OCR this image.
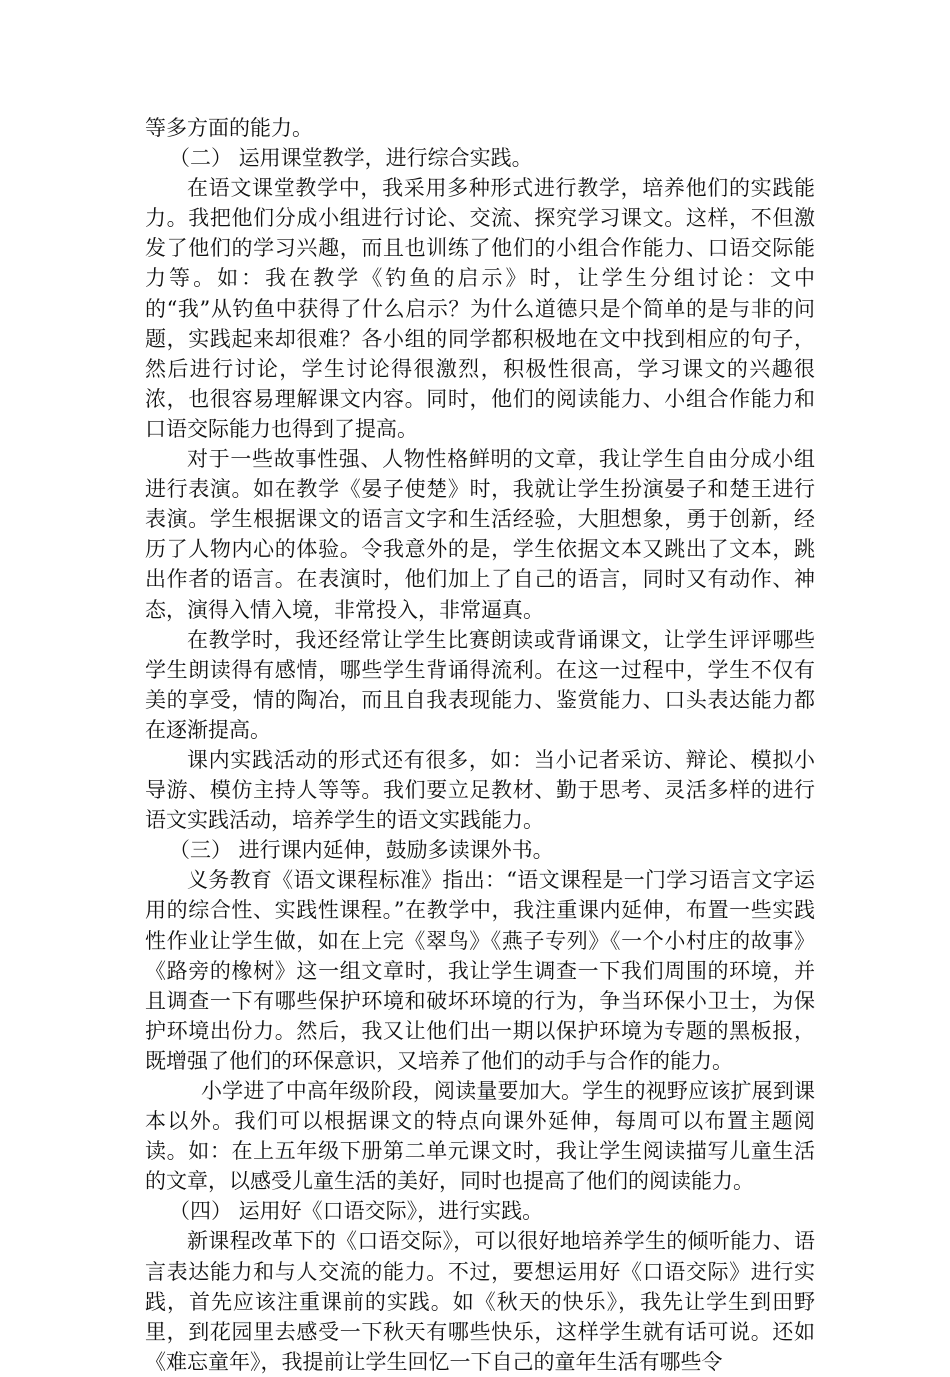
等多方面的能力。

（二） 运用课堂教学，进行综合实践。

在语文课堂教学中，我采用多种形式进行教学，培养他们的实践能力。我把他们分成小组进行讨论、交流、探究学习课文。这样，不但激发了他们的学习兴趣，而且也训练了他们的小组合作能力、口语交际能力等。如：我在教学《钓鱼的启示》时，让学生分组讨论：文中的“我”从钓鱼中获得了什么启示？为什么道德只是个简单的是与非的问题，实践起来却很难？各小组的同学都积极地在文中找到相应的句子，然后进行讨论，学生讨论得很激烈，积极性很高，学习课文的兴趣很浓，也很容易理解课文内容。同时，他们的阅读能力、小组合作能力和口语交际能力也得到了提高。

对于一些故事性强、人物性格鲜明的文章，我让学生自由分成小组进行表演。如在教学《晏子使楚》时，我就让学生扮演晏子和楚王进行表演。学生根据课文的语言文字和生活经验，大胆想象，勇于创新，经历了人物内心的体验。令我意外的是，学生依据文本又跳出了文本，跳出作者的语言。在表演时，他们加上了自己的语言，同时又有动作、神态，演得入情入境，非常投入，非常逼真。

在教学时，我还经常让学生比赛朗读或背诵课文，让学生评评哪些学生朗读得有感情，哪些学生背诵得流利。在这一过程中，学生不仅有美的享受，情的陶冶，而且自我表现能力、鉴赏能力、口头表达能力都在逐渐提高。

课内实践活动的形式还有很多，如：当小记者采访、辩论、模拟小导游、模仿主持人等等。我们要立足教材、勤于思考、灵活多样的进行语文实践活动，培养学生的语文实践能力。

（三） 进行课内延伸，鼓励多读课外书。

义务教育《语文课程标准》指出：“语文课程是一门学习语言文字运用的综合性、实践性课程。”在教学中，我注重课内延伸，布置一些实践性作业让学生做，如在上完《翠鸟》《燕子专列》《一个小村庄的故事》《路旁的橡树》这一组文章时，我让学生调查一下我们周围的环境，并且调查一下有哪些保护环境和破坏环境的行为，争当环保小卫士，为保护环境出份力。然后，我又让他们出一期以保护环境为专题的黑板报，既增强了他们的环保意识，又培养了他们的动手与合作的能力。

小学进了中高年级阶段，阅读量要加大。学生的视野应该扩展到课本以外。我们可以根据课文的特点向课外延伸，每周可以布置主题阅读。如：在上五年级下册第二单元课文时，我让学生阅读描写儿童生活的文章，以感受儿童生活的美好，同时也提高了他们的阅读能力。

（四） 运用好《口语交际》，进行实践。

新课程改革下的《口语交际》，可以很好地培养学生的倾听能力、语言表达能力和与人交流的能力。不过，要想运用好《口语交际》进行实践，首先应该注重课前的实践。如《秋天的快乐》，我先让学生到田野里，到花园里去感受一下秋天有哪些快乐，这样学生就有话可说。还如《难忘童年》，我提前让学生回忆一下自己的童年生活有哪些令
